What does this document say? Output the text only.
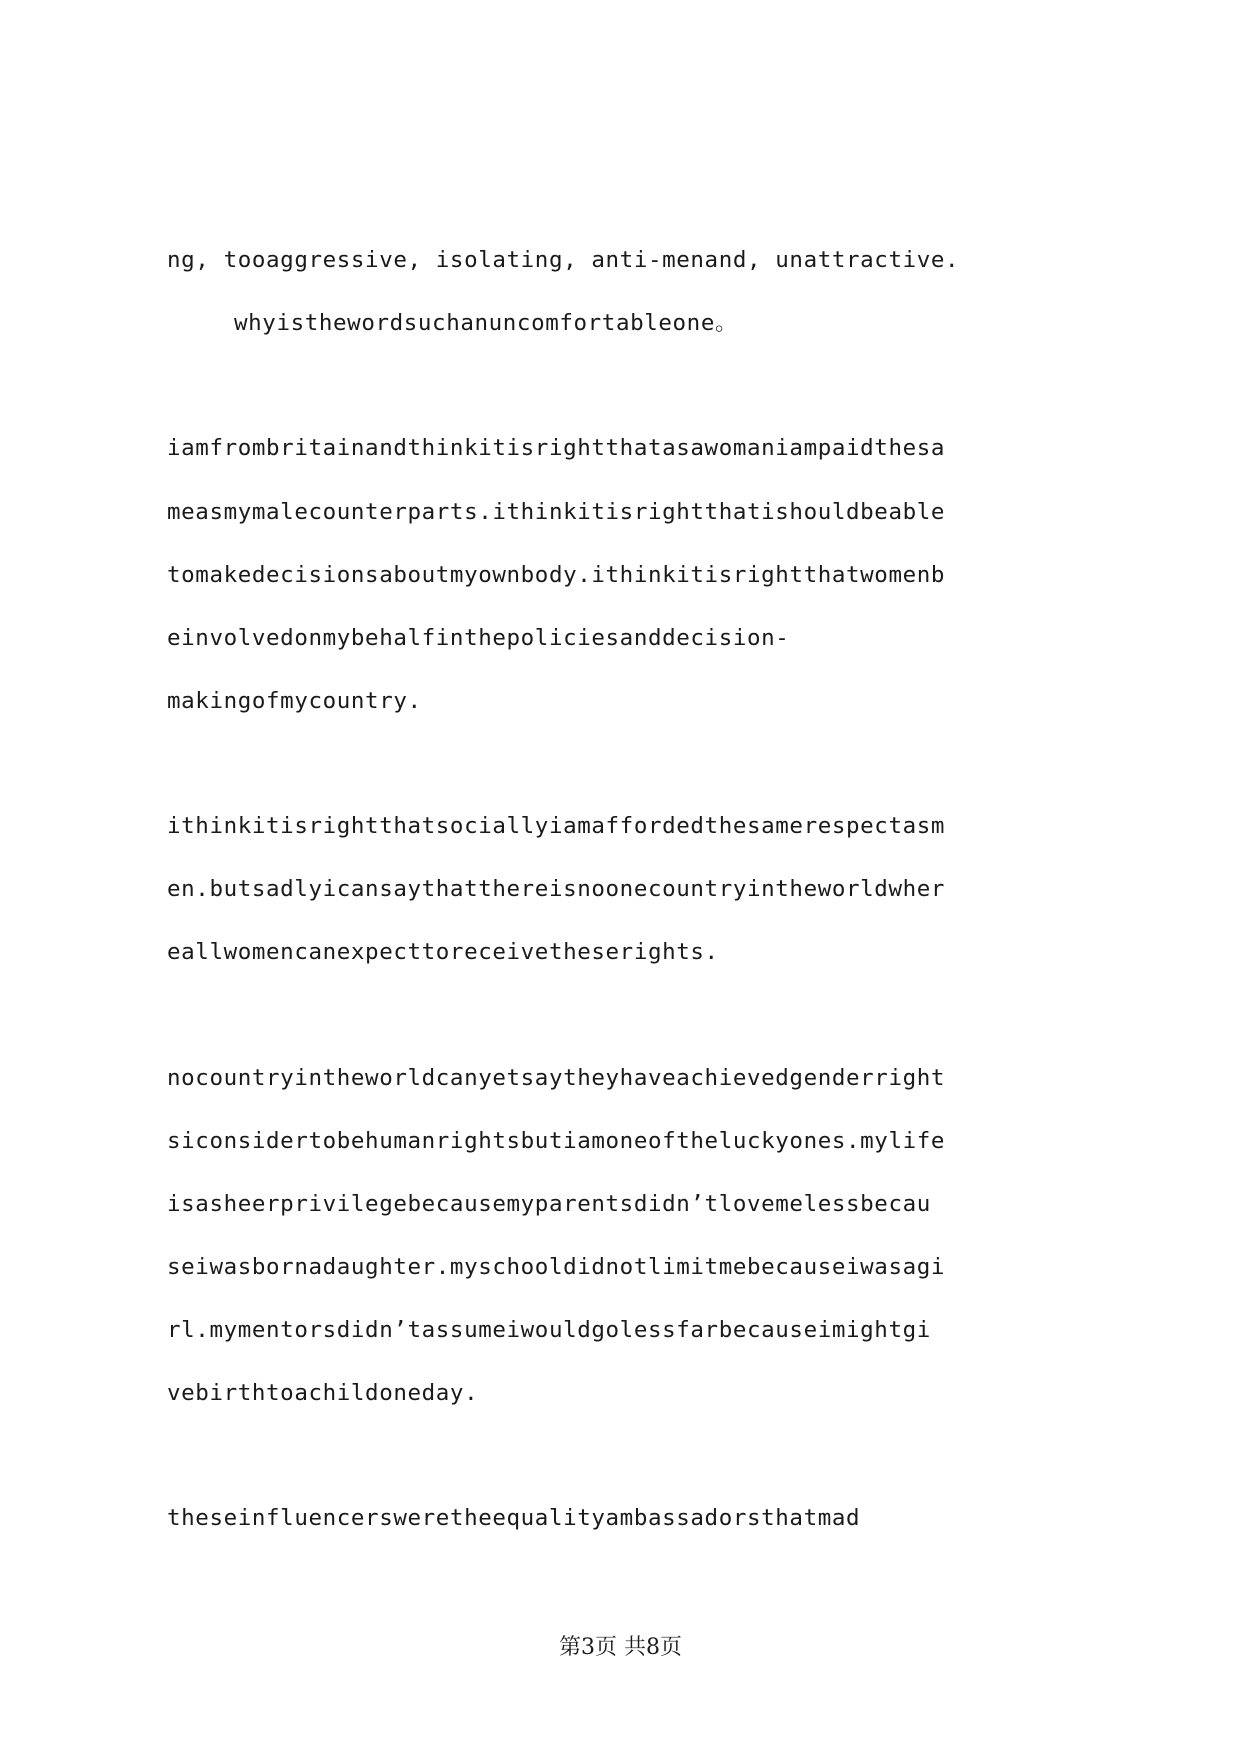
ng, tooaggressive, isolating, anti-menand, unattractive.
whyisthewordsuchanuncomfortableone。
iamfrombritainandthinkitisrightthatasawomaniampaidthesa
measmymalecounterparts.ithinkitisrightthatishouldbeable
tomakedecisionsaboutmyownbody.ithinkitisrightthatwomenb
einvolvedonmybehalfinthepoliciesanddecision-
makingofmycountry.
ithinkitisrightthatsociallyiamaffordedthesamerespectasm
en.butsadlyicansaythatthereisnoonecountryintheworldwher
eallwomencanexpecttoreceivetheserights.
nocountryintheworldcanyetsaytheyhaveachievedgenderright
siconsidertobehumanrightsbutiamoneoftheluckyones.mylife
isasheerprivilegebecausemyparentsdidn’tlovemelessbecau
seiwasbornadaughter.myschooldidnotlimitmebecauseiwasagi
rl.mymentorsdidn’tassumeiwouldgolessfarbecauseimightgi
vebirthtoachildoneday.
theseinfluencersweretheequalityambassadorsthatmad
第3页 共8页
